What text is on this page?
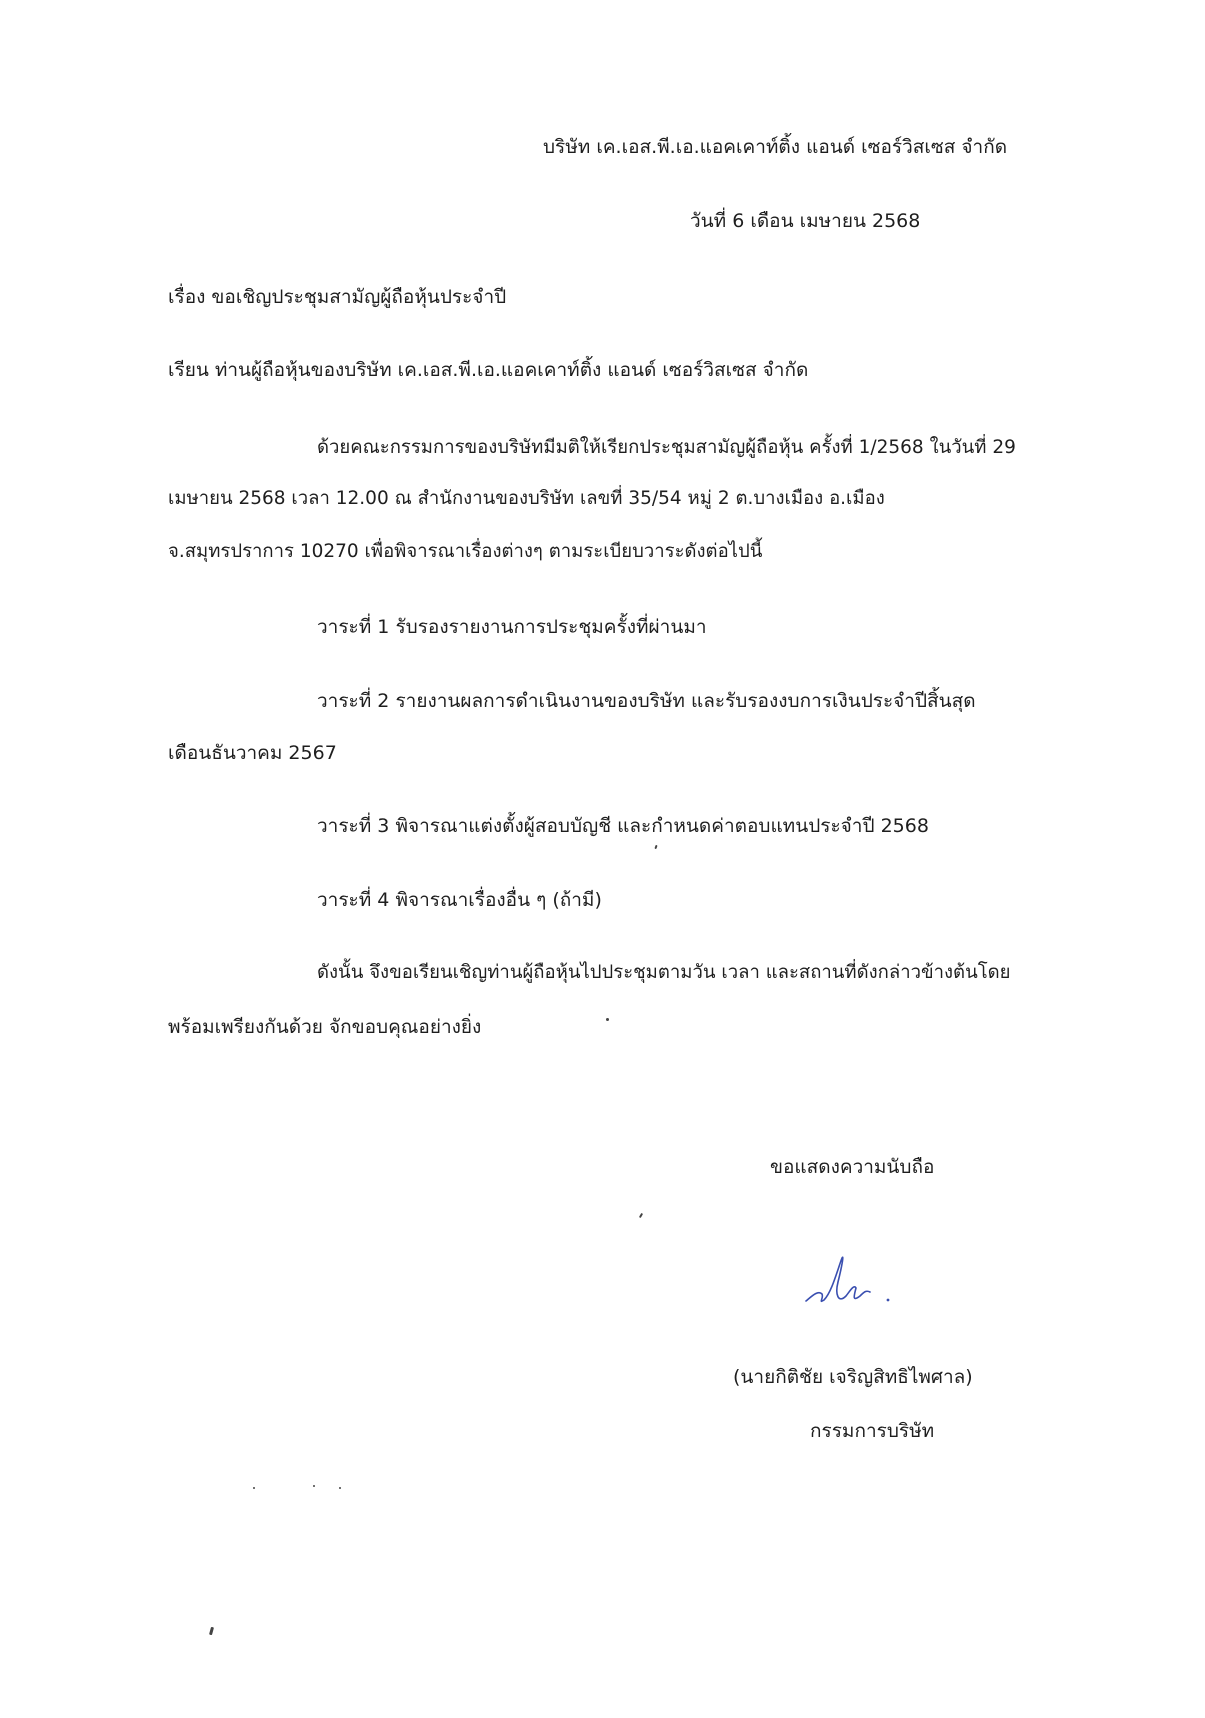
บริษัท เค.เอส.พี.เอ.แอคเคาท์ติ้ง แอนด์ เซอร์วิสเซส จำกัด
วันที่ 6 เดือน เมษายน 2568
เรื่อง ขอเชิญประชุมสามัญผู้ถือหุ้นประจำปี
เรียน ท่านผู้ถือหุ้นของบริษัท เค.เอส.พี.เอ.แอคเคาท์ติ้ง แอนด์ เซอร์วิสเซส จำกัด
ด้วยคณะกรรมการของบริษัทมีมติให้เรียกประชุมสามัญผู้ถือหุ้น ครั้งที่ 1/2568 ในวันที่ 29
เมษายน 2568 เวลา 12.00 ณ สำนักงานของบริษัท เลขที่ 35/54 หมู่ 2 ต.บางเมือง อ.เมือง
จ.สมุทรปราการ 10270 เพื่อพิจารณาเรื่องต่างๆ ตามระเบียบวาระดังต่อไปนี้
วาระที่ 1 รับรองรายงานการประชุมครั้งที่ผ่านมา
วาระที่ 2 รายงานผลการดำเนินงานของบริษัท และรับรองงบการเงินประจำปีสิ้นสุด
เดือนธันวาคม 2567
วาระที่ 3 พิจารณาแต่งตั้งผู้สอบบัญชี และกำหนดค่าตอบแทนประจำปี 2568
วาระที่ 4 พิจารณาเรื่องอื่น ๆ (ถ้ามี)
ดังนั้น จึงขอเรียนเชิญท่านผู้ถือหุ้นไปประชุมตามวัน เวลา และสถานที่ดังกล่าวข้างต้นโดย
พร้อมเพรียงกันด้วย จักขอบคุณอย่างยิ่ง
ขอแสดงความนับถือ
(นายกิติชัย เจริญสิทธิไพศาล)
กรรมการบริษัท
